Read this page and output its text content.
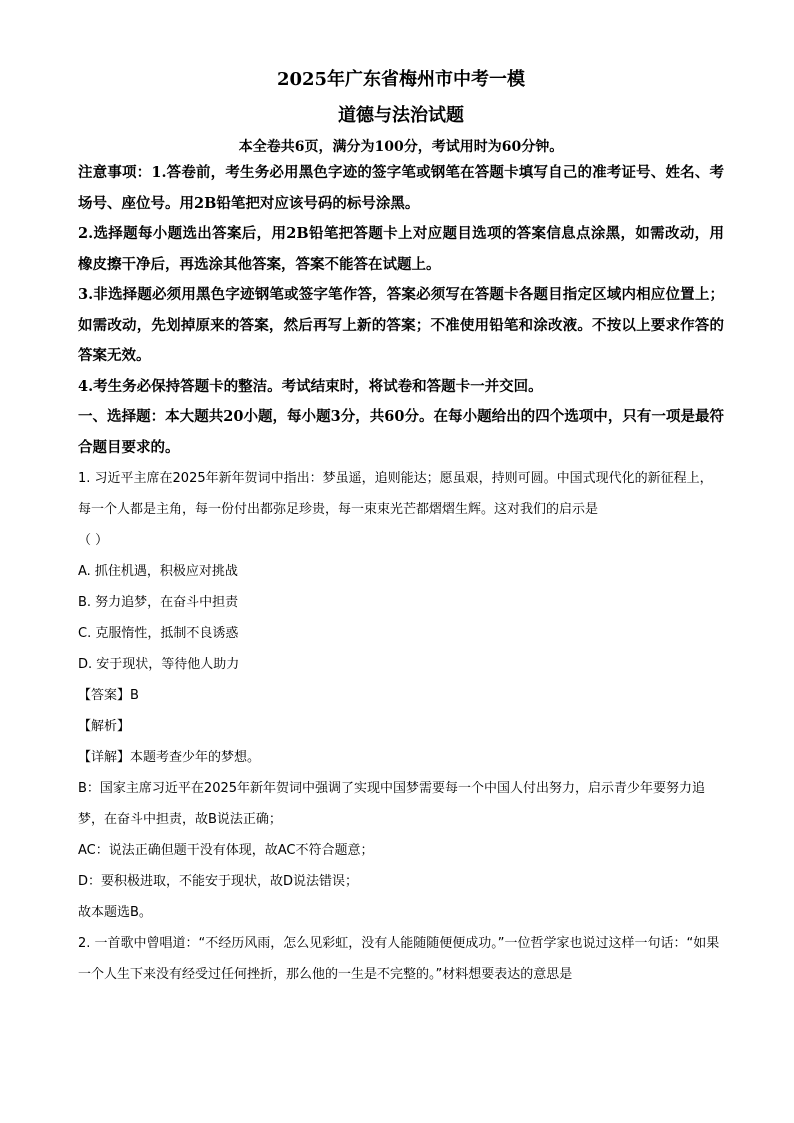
2025年广东省梅州市中考一模
道德与法治试题
本全卷共6页，满分为100分，考试用时为60分钟。

注意事项：1.答卷前，考生务必用黑色字迹的签字笔或钢笔在答题卡填写自己的准考证号、姓名、考场号、座位号。用2B铅笔把对应该号码的标号涂黑。

2.选择题每小题选出答案后，用2B铅笔把答题卡上对应题目选项的答案信息点涂黑，如需改动，用橡皮擦干净后，再选涂其他答案，答案不能答在试题上。

3.非选择题必须用黑色字迹钢笔或签字笔作答，答案必须写在答题卡各题目指定区域内相应位置上；如需改动，先划掉原来的答案，然后再写上新的答案；不准使用铅笔和涂改液。不按以上要求作答的答案无效。

4.考生务必保持答题卡的整洁。考试结束时，将试卷和答题卡一并交回。

一、选择题：本大题共20小题，每小题3分，共60分。在每小题给出的四个选项中，只有一项是最符合题目要求的。

1. 习近平主席在2025年新年贺词中指出：梦虽遥，追则能达；愿虽艰，持则可圆。中国式现代化的新征程上，每一个人都是主角，每一份付出都弥足珍贵，每一束束光芒都熠熠生辉。这对我们的启示是

（ ）

A. 抓住机遇，积极应对挑战

B. 努力追梦，在奋斗中担责

C. 克服惰性，抵制不良诱惑

D. 安于现状，等待他人助力

【答案】B

【解析】

【详解】本题考查少年的梦想。

B：国家主席习近平在2025年新年贺词中强调了实现中国梦需要每一个中国人付出努力，启示青少年要努力追梦，在奋斗中担责，故B说法正确；

AC：说法正确但题干没有体现，故AC不符合题意；

D：要积极进取，不能安于现状，故D说法错误；

故本题选B。

2. 一首歌中曾唱道：“不经历风雨，怎么见彩虹，没有人能随随便便成功。”一位哲学家也说过这样一句话：“如果一个人生下来没有经受过任何挫折，那么他的一生是不完整的。”材料想要表达的意思是
